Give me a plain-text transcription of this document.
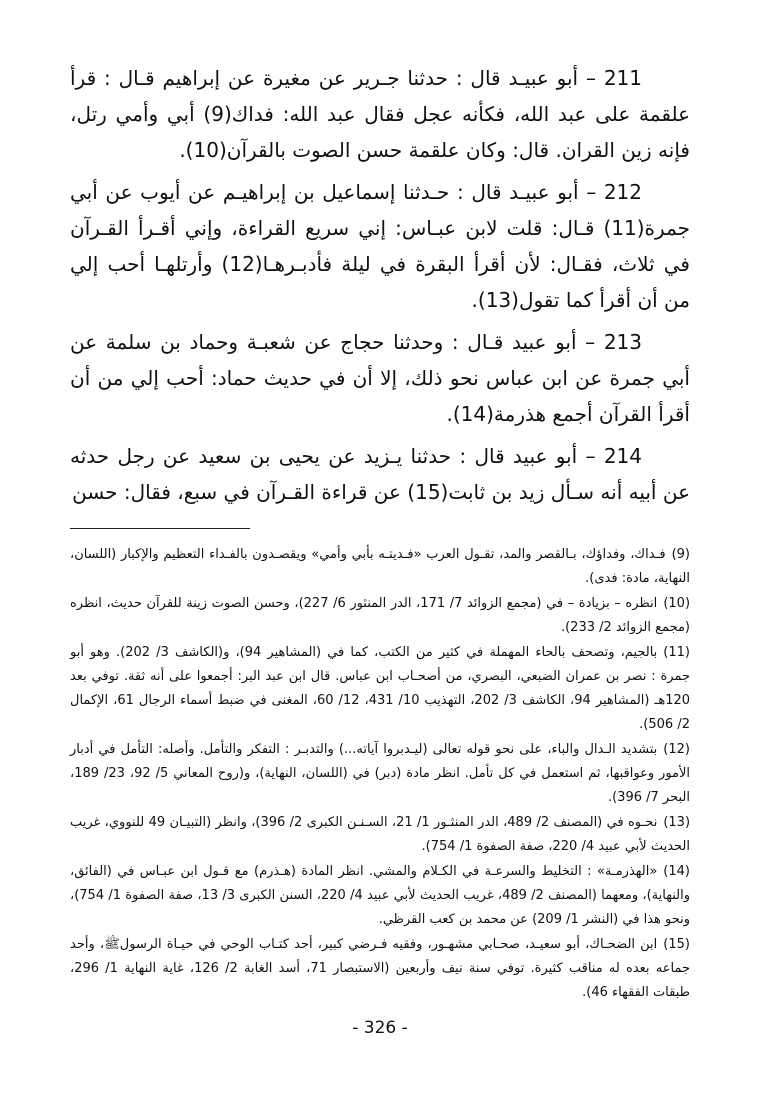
211 – أبو عبيـد قال : حدثنا جـرير عن مغيرة عن إبراهيم قـال : قرأ علقمة على عبد الله، فكأنه عجل فقال عبد الله: فداك(9) أبي وأمي رتل، فإنه زين القران. قال: وكان علقمة حسن الصوت بالقرآن(10).

212 – أبو عبيـد قال : حـدثنا إسماعيل بن إبراهيـم عن أيوب عن أبي جمرة(11) قـال: قلت لابن عبـاس: إني سريع القراءة، وإني أقـرأ القـرآن في ثلاث، فقـال: لأن أقرأ البقرة في ليلة فأدبـرهـا(12) وأرتلهـا أحب إلي من أن أقرأ كما تقول(13).

213 – أبو عبيد قـال : وحدثنا حجاج عن شعبـة وحماد بن سلمة عن أبي جمرة عن ابن عباس نحو ذلك، إلا أن في حديث حماد: أحب إلي من أن أقرأ القرآن أجمع هذرمة(14).

214 – أبو عبيد قال : حدثنا يـزيد عن يحيى بن سعيد عن رجل حدثه عن أبيه أنه سـأل زيد بن ثابت(15) عن قراءة القـرآن في سبع، فقال: حسن

(9)فـداك، وفداؤك، بـالقصر والمد، تقـول العرب «فـديتـه بأبي وأمي» ويقصـدون بالفـداء التعظيم والإكبار (اللسان، النهاية، مادة: فدى).

(10)انظره – بزيادة – في (مجمع الزوائد 7/ 171، الدر المنثور 6/ 227)، وحسن الصوت زينة للقرآن حديث، انظره (مجمع الزوائد 2/ 233).

(11)بالجيم، وتصحف بالحاء المهملة في كثير من الكتب، كما في (المشاهير 94)، و(الكاشف 3/ 202). وهو أبو جمرة : نصر بن عمران الضبعي، البصري، من أصحـاب ابن عباس. قال ابن عبد البر: أجمعوا على أنه ثقة. توفي بعد 120هـ (المشاهير 94، الكاشف 3/ 202، التهذيب 10/ 431، 12/ 60، المغنى في ضبط أسماء الرجال 61، الإكمال 2/ 506).

(12)بتشديد الـدال والباء، على نحو قوله تعالى (ليـدبروا آياته...) والتدبـر : التفكر والتأمل. وأصله: التأمل في أدبار الأمور وعواقبها، ثم استعمل في كل تأمل. انظر مادة (دبر) في (اللسان، النهاية)، و(روح المعاني 5/ 92، 23/ 189، البحر 7/ 396).

(13)نحـوه في (المصنف 2/ 489، الدر المنثـور 1/ 21، السـنـن الكبرى 2/ 396)، وانظر (التبيـان 49 للنووي، غريب الحديث لأبي عبيد 4/ 220، صفة الصفوة 1/ 754).

(14)«الهذرمـة» : التخليط والسرعـة في الكـلام والمشي. انظر المادة (هـذرم) مع قـول ابن عبـاس في (الفائق، والنهاية)، ومعهما (المصنف 2/ 489، غريب الحديث لأبي عبيد 4/ 220، السنن الكبرى 3/ 13، صفة الصفوة 1/ 754)، ونحو هذا في (النشر 1/ 209) عن محمد بن كعب القرظي.

(15)ابن الضحـاك، أبو سعيـد، صحـابي مشهـور، وفقيه فـرضي كبير، أحد كتـاب الوحي في حيـاة الرسولﷺ، وأحد جماعه بعده له مناقب كثيرة. توفي سنة نيف وأربعين (الاستبصار 71، أسد الغابة 2/ 126، غاية النهاية 1/ 296، طبقات الفقهاء 46).

- 326 -
